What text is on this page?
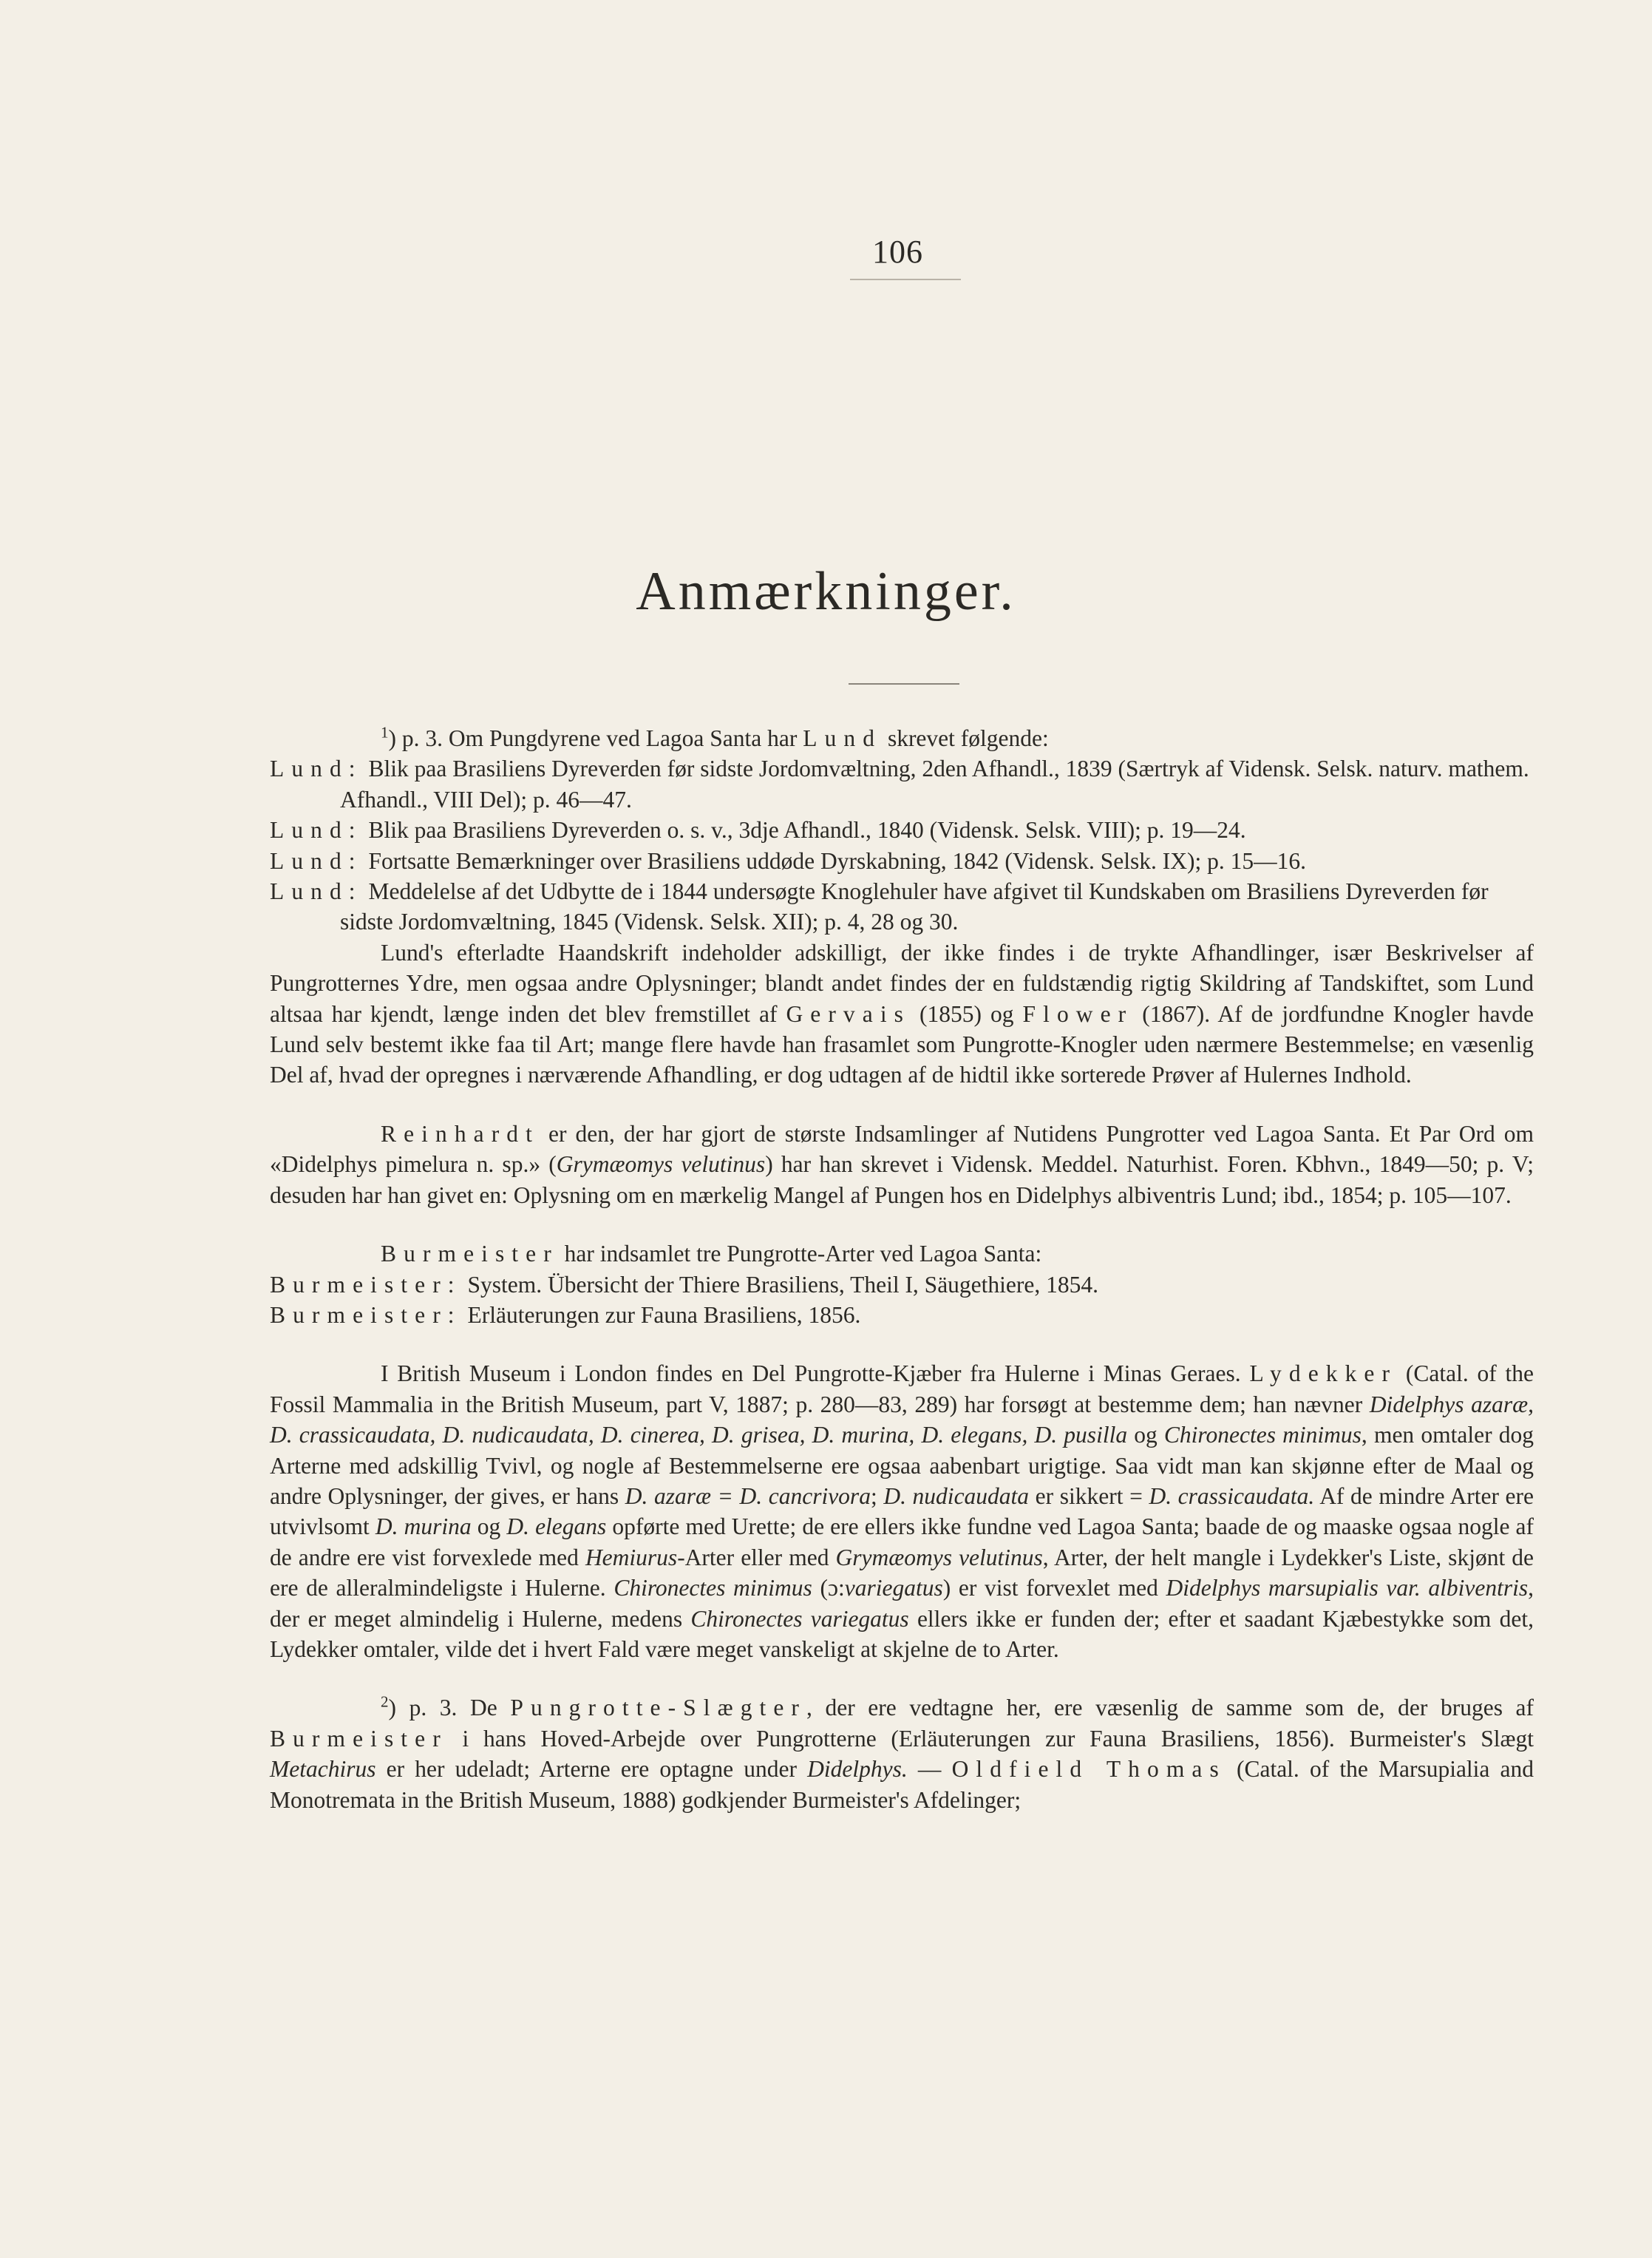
106
Anmærkninger.

$^1$) p. 3. Om Pungdyrene ved Lagoa Santa har Lund skrevet følgende:

Lund: Blik paa Brasiliens Dyreverden før sidste Jordomvæltning, 2den Afhandl., 1839 (Særtryk af Vidensk. Selsk. naturv. mathem. Afhandl., VIII Del); p. 46—47.

Lund: Blik paa Brasiliens Dyreverden o. s. v., 3dje Afhandl., 1840 (Vidensk. Selsk. VIII); p. 19—24.

Lund: Fortsatte Bemærkninger over Brasiliens uddøde Dyrskabning, 1842 (Vidensk. Selsk. IX); p. 15—16.

Lund: Meddelelse af det Udbytte de i 1844 undersøgte Knoglehuler have afgivet til Kundskaben om Brasiliens Dyreverden før sidste Jordomvæltning, 1845 (Vidensk. Selsk. XII); p. 4, 28 og 30.

Lund's efterladte Haandskrift indeholder adskilligt, der ikke findes i de trykte Afhandlinger, især Beskrivelser af Pungrotternes Ydre, men ogsaa andre Oplysninger; blandt andet findes der en fuldstændig rigtig Skildring af Tandskiftet, som Lund altsaa har kjendt, længe inden det blev fremstillet af Gervais (1855) og Flower (1867). Af de jordfundne Knogler havde Lund selv bestemt ikke faa til Art; mange flere havde han frasamlet som Pungrotte-Knogler uden nærmere Bestemmelse; en væsenlig Del af, hvad der opregnes i nærværende Afhandling, er dog udtagen af de hidtil ikke sorterede Prøver af Hulernes Indhold.

Reinhardt er den, der har gjort de største Indsamlinger af Nutidens Pungrotter ved Lagoa Santa. Et Par Ord om «Didelphys pimelura n. sp.» (Grymæomys velutinus) har han skrevet i Vidensk. Meddel. Naturhist. Foren. Kbhvn., 1849—50; p. V; desuden har han givet en: Oplysning om en mærkelig Mangel af Pungen hos en Didelphys albiventris Lund; ibd., 1854; p. 105—107.

Burmeister har indsamlet tre Pungrotte-Arter ved Lagoa Santa:

Burmeister: System. Übersicht der Thiere Brasiliens, Theil I, Säugethiere, 1854.

Burmeister: Erläuterungen zur Fauna Brasiliens, 1856.

I British Museum i London findes en Del Pungrotte-Kjæber fra Hulerne i Minas Geraes. Lydekker (Catal. of the Fossil Mammalia in the British Museum, part V, 1887; p. 280—83, 289) har forsøgt at bestemme dem; han nævner Didelphys azaræ, D. crassicaudata, D. nudicaudata, D. cinerea, D. grisea, D. murina, D. elegans, D. pusilla og Chironectes minimus, men omtaler dog Arterne med adskillig Tvivl, og nogle af Bestemmelserne ere ogsaa aabenbart urigtige. Saa vidt man kan skjønne efter de Maal og andre Oplysninger, der gives, er hans D. azaræ = D. cancrivora; D. nudicaudata er sikkert = D. crassicaudata. Af de mindre Arter ere utvivlsomt D. murina og D. elegans opførte med Urette; de ere ellers ikke fundne ved Lagoa Santa; baade de og maaske ogsaa nogle af de andre ere vist forvexlede med Hemiurus-Arter eller med Grymæomys velutinus, Arter, der helt mangle i Lydekker's Liste, skjønt de ere de alleralmindeligste i Hulerne. Chironectes minimus (ɔ:variegatus) er vist forvexlet med Didelphys marsupialis var. albiventris, der er meget almindelig i Hulerne, medens Chironectes variegatus ellers ikke er funden der; efter et saadant Kjæbestykke som det, Lydekker omtaler, vilde det i hvert Fald være meget vanskeligt at skjelne de to Arter.

$^2$) p. 3. De Pungrotte-Slægter, der ere vedtagne her, ere væsenlig de samme som de, der bruges af Burmeister i hans Hoved-Arbejde over Pungrotterne (Erläuterungen zur Fauna Brasiliens, 1856). Burmeister's Slægt Metachirus er her udeladt; Arterne ere optagne under Didelphys. — Oldfield Thomas (Catal. of the Marsupialia and Monotremata in the British Museum, 1888) godkjender Burmeister's Afdelinger;
